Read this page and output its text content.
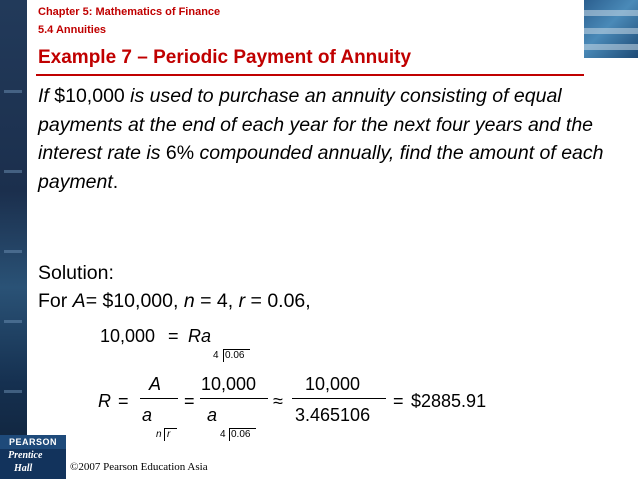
Chapter 5: Mathematics of Finance
5.4 Annuities
Example 7 – Periodic Payment of Annuity
If $10,000 is used to purchase an annuity consisting of equal payments at the end of each year for the next four years and the interest rate is 6% compounded annually, find the amount of each payment.
Solution:
For A= $10,000, n = 4, r = 0.06,
10,000 = Ra
4 0.06
R =
A
a
n r
=
10,000
a
4 0.06
≈
10,000
3.465106
= $2885.91
PEARSON
Prentice
Hall	©2007 Pearson Education Asia
